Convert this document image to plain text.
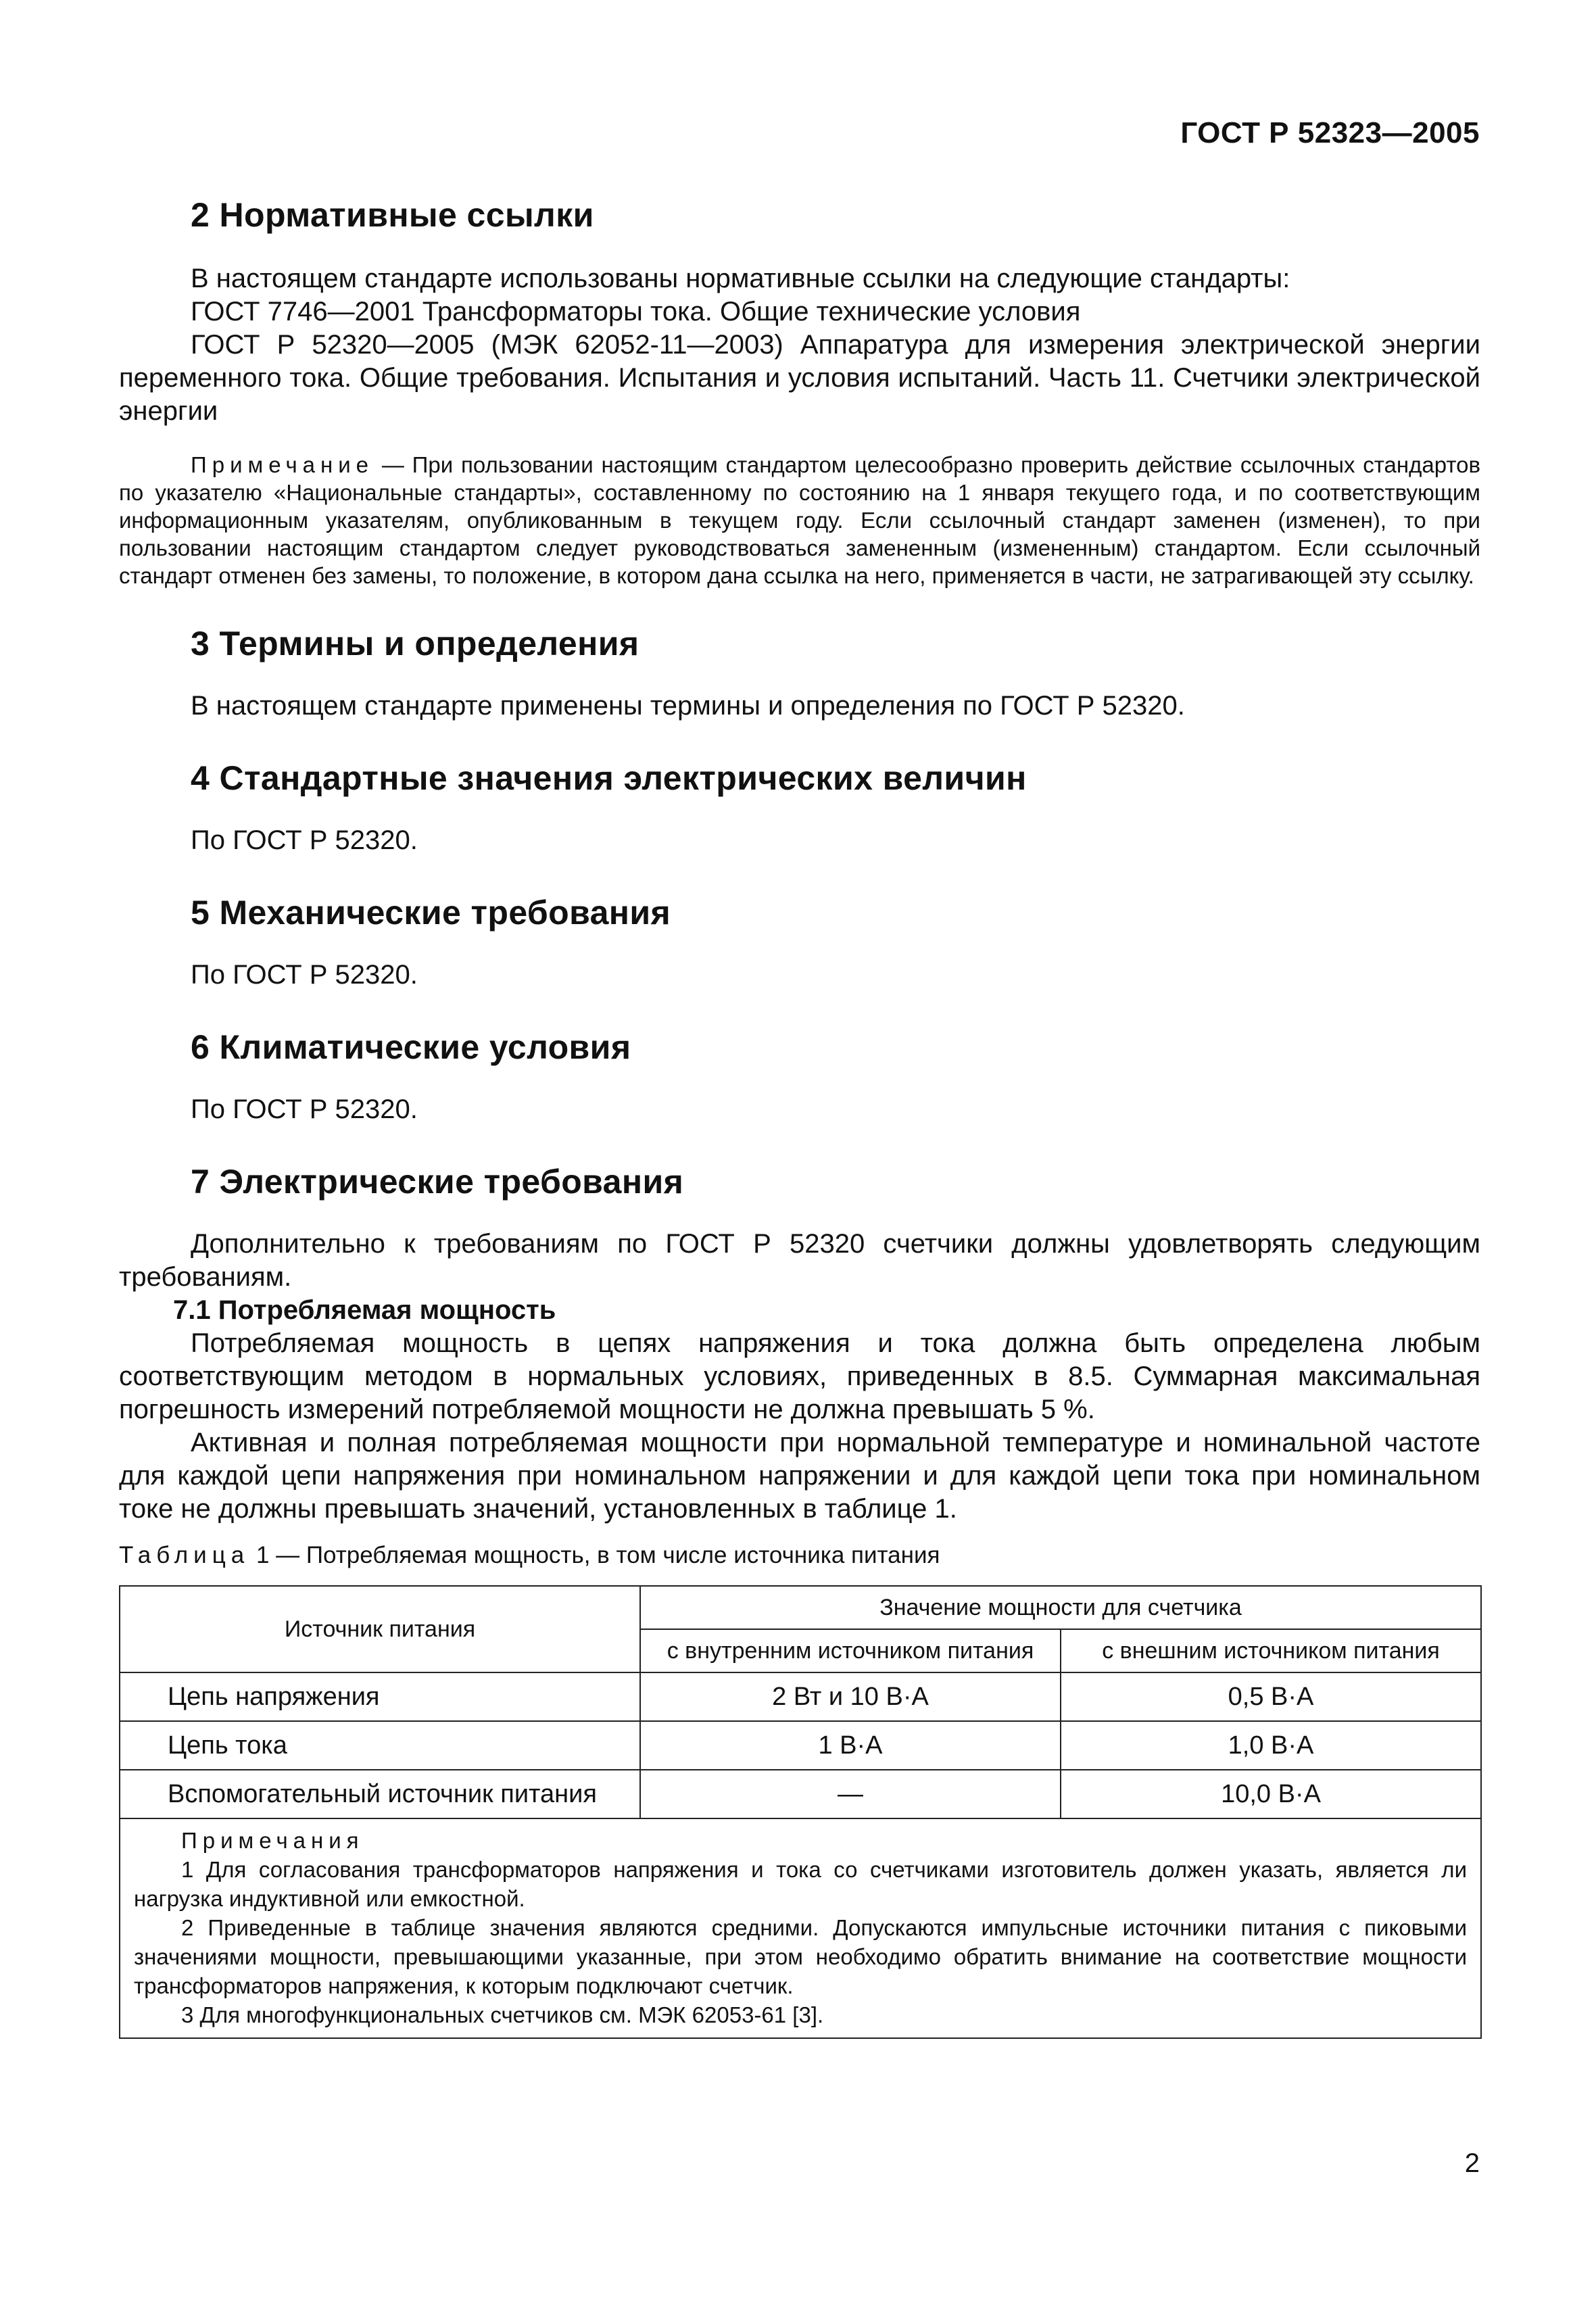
ГОСТ Р 52323—2005
2 Нормативные ссылки

В настоящем стандарте использованы нормативные ссылки на следующие стандарты:

ГОСТ 7746—2001 Трансформаторы тока. Общие технические условия

ГОСТ Р 52320—2005 (МЭК 62052-11—2003) Аппаратура для измерения электрической энергии переменного тока. Общие требования. Испытания и условия испытаний. Часть 11. Счетчики электрической энергии

Примечание — При пользовании настоящим стандартом целесообразно проверить действие ссылочных стандартов по указателю «Национальные стандарты», составленному по состоянию на 1 января текущего года, и по соответствующим информационным указателям, опубликованным в текущем году. Если ссылочный стандарт заменен (изменен), то при пользовании настоящим стандартом следует руководствоваться замененным (измененным) стандартом. Если ссылочный стандарт отменен без замены, то положение, в котором дана ссылка на него, применяется в части, не затрагивающей эту ссылку.

3 Термины и определения

В настоящем стандарте применены термины и определения по ГОСТ Р 52320.

4 Стандартные значения электрических величин

По ГОСТ Р 52320.

5 Механические требования

По ГОСТ Р 52320.

6 Климатические условия

По ГОСТ Р 52320.

7 Электрические требования

Дополнительно к требованиям по ГОСТ Р 52320 счетчики должны удовлетворять следующим требованиям.

7.1 Потребляемая мощность

Потребляемая мощность в цепях напряжения и тока должна быть определена любым соответствующим методом в нормальных условиях, приведенных в 8.5. Суммарная максимальная погрешность измерений потребляемой мощности не должна превышать 5 %.

Активная и полная потребляемая мощности при нормальной температуре и номинальной частоте для каждой цепи напряжения при номинальном напряжении и для каждой цепи тока при номинальном токе не должны превышать значений, установленных в таблице 1.

Таблица 1 — Потребляемая мощность, в том числе источника питания

Источник питания	Значение мощности для счетчика	
	с внутренним источником питания	с внешним источником питания
Цепь напряжения	2 Вт и 10 В·А	0,5 В·А
Цепь тока	1 В·А	1,0 В·А
Вспомогательный источник питания	—	10,0 В·А

Примечания

1 Для согласования трансформаторов напряжения и тока со счетчиками изготовитель должен указать, является ли нагрузка индуктивной или емкостной.

2 Приведенные в таблице значения являются средними. Допускаются импульсные источники питания с пиковыми значениями мощности, превышающими указанные, при этом необходимо обратить внимание на соответствие мощности трансформаторов напряжения, к которым подключают счетчик.

3 Для многофункциональных счетчиков см. МЭК 62053-61 [3].		

2
